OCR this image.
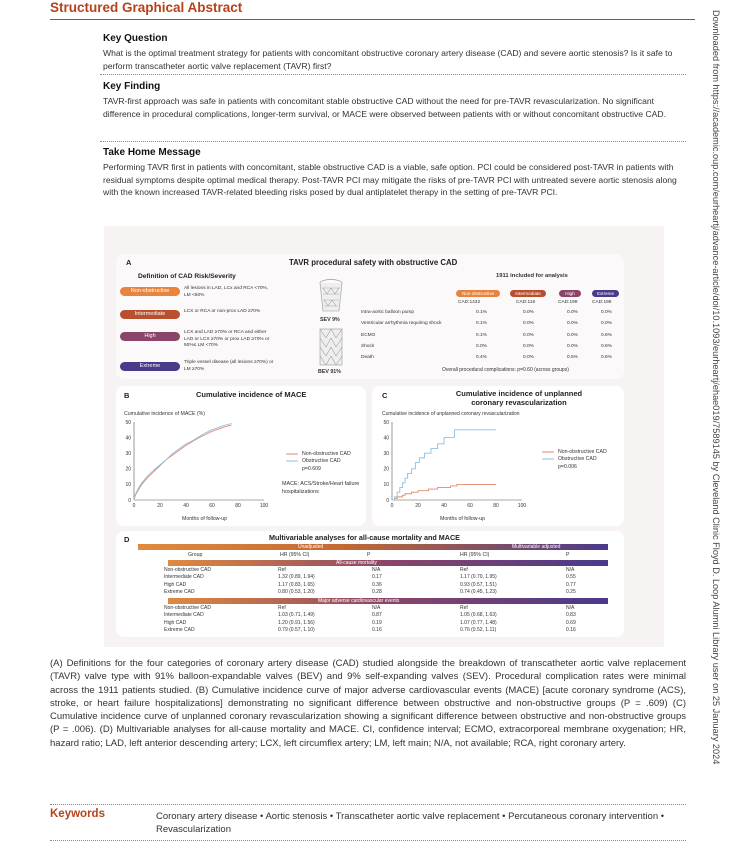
Structured Graphical Abstract
Key Question

What is the optimal treatment strategy for patients with concomitant obstructive coronary artery disease (CAD) and severe aortic stenosis? Is it safe to perform transcatheter aortic valve replacement (TAVR) first?

Key Finding

TAVR-first approach was safe in patients with concomitant stable obstructive CAD without the need for pre-TAVR revascularization. No significant difference in procedural complications, longer-term survival, or MACE were observed between patients with or without concomitant obstructive CAD.

Take Home Message

Performing TAVR first in patients with concomitant, stable obstructive CAD is a viable, safe option. PCI could be considered post-TAVR in patients with residual symptoms despite optimal medical therapy. Post-TAVR PCI may mitigate the risks of pre-TAVR PCI with untreated severe aortic stenosis along with the known increased TAVR-related bleeding risks posed by dual antiplatelet therapy in the setting of pre-TAVR PCI.	Downloaded from https://academic.oup.com/eurheartj/advance-article/doi/10.1093/eurheartj/ehae019/7589145 by Cleveland Clinic Floyd D. Loop Alumni Library user on 25 January 2024
A	TAVR procedural safety with obstructive CAD
Definition of CAD Risk/Severity
Non-obstructive	All lesions in LAD, LCx and RCA <70%, LM <50%
Intermediate	LCX or RCA or non-prox LAD ≥70%
High
LCX and LAD ≥70% or RCA and either LAD or LCX ≥70% or prox LAD ≥70% or 50%≤ LM <70%
Extreme
Triple vessel disease (all lesions ≥70%) or LM ≥70%
SEV 9%
BEV 91%
1911 included for analysis
Non-obstructive	Intermediate	High	Extreme
CAD:1432	CAD:116	CAD:199	CAD:199
Intra-aortic balloon pump	0.1%	0.0%	0.0%	0.0%
Ventricular arrhythmia requiring shock	0.1%	0.0%	0.0%	0.0%
ECMO	0.1%	0.0%	0.0%	0.6%
Shock	0.0%	0.0%	0.0%	0.6%
Death	0.4%	0.0%	0.5%	0.6%
Overall procedural complications: p=0.60 (across groups)
B	Cumulative incidence of MACE
Cumulative incidence of MACE (%)
0
10
20
30
40
50
0	20	40	60	80	100
Months of follow-up
Non-obstructive CAD
Obstructive CAD
p=0.609
MACE: ACS/Stroke/Heart failure hospitalizations
C	Cumulative incidence of unplanned coronary revascularization
Cumulative incidence of unplanned coronary revascularization
0
10
20
30
40
50
0	20	40	60	80	100
Months of follow-up
Non-obstructive CAD
Obstructive CAD
p=0.006
D	Multivariable analyses for all-cause mortality and MACE
Unadjusted	Multivariable adjusted
Group	HR (95% CI)	P	HR (95% CI)	P
All-cause mortality
Non-obstructive CAD	Ref	N/A	Ref	N/A
Intermediate CAD	1.32 (0.89, 1.94)	0.17	1.17 (0.70, 1.95)	0.55
High CAD	1.17 (0.83, 1.65)	0.36	0.93 (0.57, 1.51)	0.77
Extreme CAD	0.80 (0.53, 1.20)	0.28	0.74 (0.45, 1.23)	0.25
Major adverse cardiovascular events
Non-obstructive CAD	Ref	N/A	Ref	N/A
Intermediate CAD	1.03 (0.71, 1.49)	0.87	1.05 (0.68, 1.63)	0.83
High CAD	1.20 (0.91, 1.56)	0.19	1.07 (0.77, 1.48)	0.69
Extreme CAD	0.79 (0.57, 1.10)	0.16	0.76 (0.52, 1.11)	0.16

(A) Definitions for the four categories of coronary artery disease (CAD) studied alongside the breakdown of transcatheter aortic valve replacement (TAVR) valve type with 91% balloon-expandable valves (BEV) and 9% self-expanding valves (SEV). Procedural complication rates were minimal across the 1911 patients studied. (B) Cumulative incidence curve of major adverse cardiovascular events (MACE) [acute coronary syndrome (ACS), stroke, or heart failure hospitalizations] demonstrating no significant difference between obstructive and non-obstructive groups (P = .609) (C) Cumulative incidence curve of unplanned coronary revascularization showing a significant difference between obstructive and non-obstructive groups (P = .006). (D) Multivariable analyses for all-cause mortality and MACE. CI, confidence interval; ECMO, extracorporeal membrane oxygenation; HR, hazard ratio; LAD, left anterior descending artery; LCX, left circumflex artery; LM, left main; N/A, not available; RCA, right coronary artery.

Keywords	Coronary artery disease • Aortic stenosis • Transcatheter aortic valve replacement • Percutaneous coronary intervention • Revascularization
